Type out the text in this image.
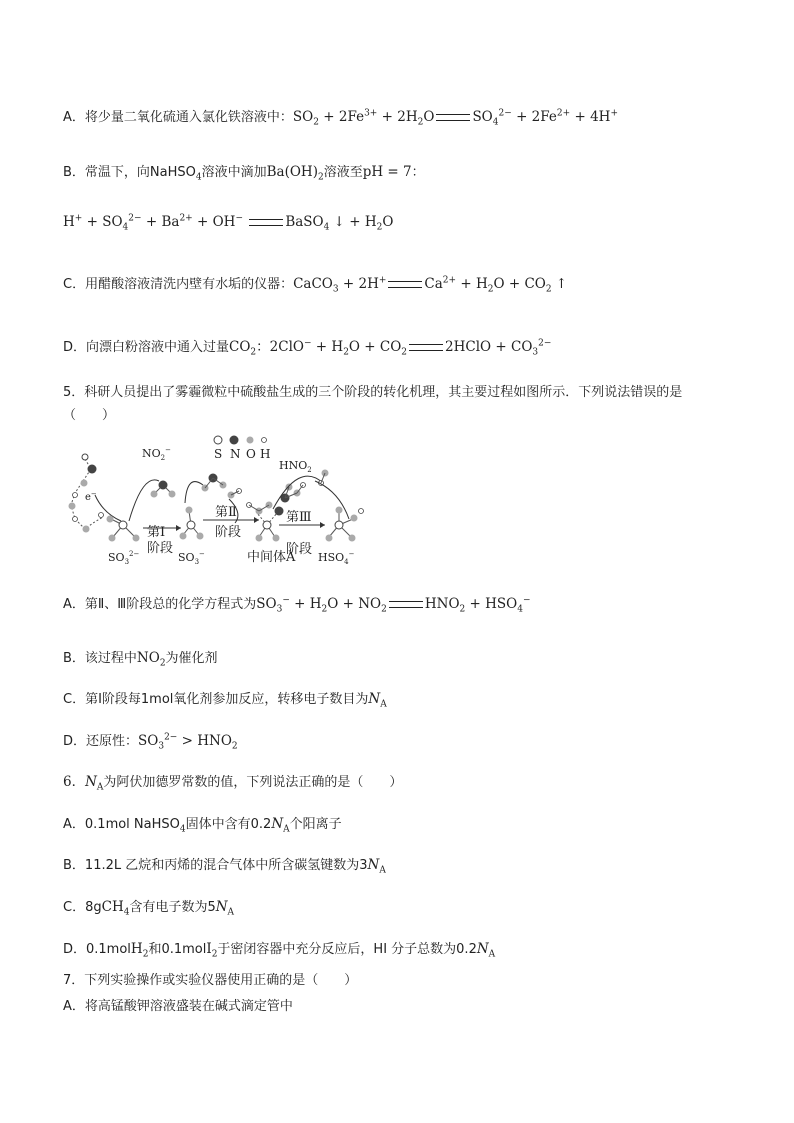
A．将少量二氧化硫通入氯化铁溶液中：$SO_2 + 2Fe^{3+} + 2H_2O$	$SO_4^{2-} + 2Fe^{2+} + 4H^+$
B．常温下，向NaHSO$_4$溶液中滴加$Ba(OH)_2$溶液至pH = 7：
$H^+ + SO_4^{2-} + Ba^{2+} + OH^-$	BaSO$_4$ ↓ + $H_2O$
C．用醋酸溶液清洗内壁有水垢的仪器：CaCO$_3$ + 2H+	$Ca^{2+} + H_2O + CO_2$ ↑
D．向漂白粉溶液中通入过量$CO_2$：$2ClO^- + H_2O + CO_2$	2HClO + $CO_3^{2-}$
5．科研人员提出了雾霾微粒中硫酸盐生成的三个阶段的转化机理，其主要过程如图所示．下列说法错误的是
（　　）
S N O H
e−
$SO_3^{2-}$
$NO_2^-$
第Ⅰ
阶段
$SO_3^-$
第Ⅱ
阶段
中间体A
$HNO_2$
第Ⅲ
阶段
$HSO_4^-$
A．第Ⅱ、Ⅲ阶段总的化学方程式为$SO_3^- + H_2O + NO_2$	$HNO_2 + HSO_4^-$
B．该过程中$NO_2$为催化剂
C．第Ⅰ阶段每1mol氧化剂参加反应，转移电子数目为$N_A$
D．还原性：$SO_3^{2-} > HNO_2$
6．$N_A$为阿伏加德罗常数的值，下列说法正确的是（　　）
A．0.1mol NaHSO$_4$固体中含有$0.2N_A$个阳离子
B．11.2L 乙烷和丙烯的混合气体中所含碳氢键数为$3N_A$
C．8gCH$_4$含有电子数为$5N_A$
D．0.1molH$_2$和0.1molI$_2$于密闭容器中充分反应后，HI 分子总数为$0.2N_A$
7．下列实验操作或实验仪器使用正确的是（　　）
A．将高锰酸钾溶液盛装在碱式滴定管中
